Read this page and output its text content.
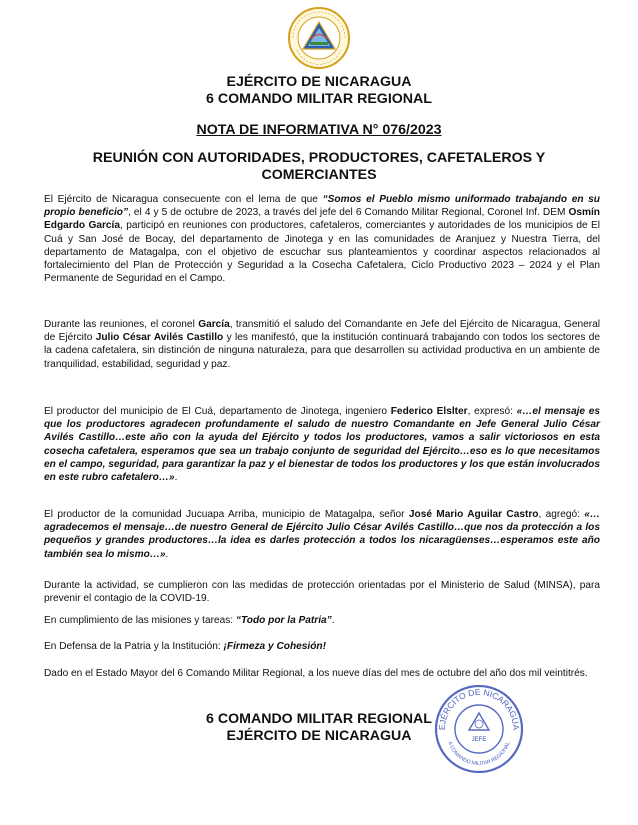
EJÉRCITO DE NICARAGUA
6 COMANDO MILITAR REGIONAL
NOTA DE INFORMATIVA N° 076/2023
REUNIÓN CON AUTORIDADES, PRODUCTORES, CAFETALEROS Y COMERCIANTES
El Ejército de Nicaragua consecuente con el lema de que “Somos el Pueblo mismo uniformado trabajando en su propio beneficio”, el 4 y 5 de octubre de 2023, a través del jefe del 6 Comando Militar Regional, Coronel Inf. DEM Osmín Edgardo García, participó en reuniones con productores, cafetaleros, comerciantes y autoridades de los municipios de El Cuá y San José de Bocay, del departamento de Jinotega y en las comunidades de Aranjuez y Nuestra Tierra, del departamento de Matagalpa, con el objetivo de escuchar sus planteamientos y coordinar aspectos relacionados al fortalecimiento del Plan de Protección y Seguridad a la Cosecha Cafetalera, Ciclo Productivo 2023 – 2024 y el Plan Permanente de Seguridad en el Campo.
Durante las reuniones, el coronel García, transmitió el saludo del Comandante en Jefe del Ejército de Nicaragua, General de Ejército Julio César Avilés Castillo y les manifestó, que la institución continuará trabajando con todos los sectores de la cadena cafetalera, sin distinción de ninguna naturaleza, para que desarrollen su actividad productiva en un ambiente de tranquilidad, estabilidad, seguridad y paz.
El productor del municipio de El Cuá, departamento de Jinotega, ingeniero Federico Elslter, expresó: «…el mensaje es que los productores agradecen profundamente el saludo de nuestro Comandante en Jefe General Julio César Avilés Castillo…este año con la ayuda del Ejército y todos los productores, vamos a salir victoriosos en esta cosecha cafetalera, esperamos que sea un trabajo conjunto de seguridad del Ejército…eso es lo que necesitamos en el campo, seguridad, para garantizar la paz y el bienestar de todos los productores y los que están involucrados en este rubro cafetalero…».
El productor de la comunidad Jucuapa Arriba, municipio de Matagalpa, señor José Mario Aguilar Castro, agregó: «…agradecemos el mensaje…de nuestro General de Ejército Julio César Avilés Castillo…que nos da protección a los pequeños y grandes productores…la idea es darles protección a todos los nicaragüenses…esperamos este año también sea lo mismo…».
Durante la actividad, se cumplieron con las medidas de protección orientadas por el Ministerio de Salud (MINSA), para prevenir el contagio de la COVID-19.
En cumplimiento de las misiones y tareas: “Todo por la Patria”.
En Defensa de la Patria y la Institución: ¡Firmeza y Cohesión!
Dado en el Estado Mayor del 6 Comando Militar Regional, a los nueve días del mes de octubre del año dos mil veintitrés.
6 COMANDO MILITAR REGIONAL
EJÉRCITO DE NICARAGUA
EJÉRCITO DE NICARAGUA
6 COMANDO MILITAR REGIONAL
JEFE
